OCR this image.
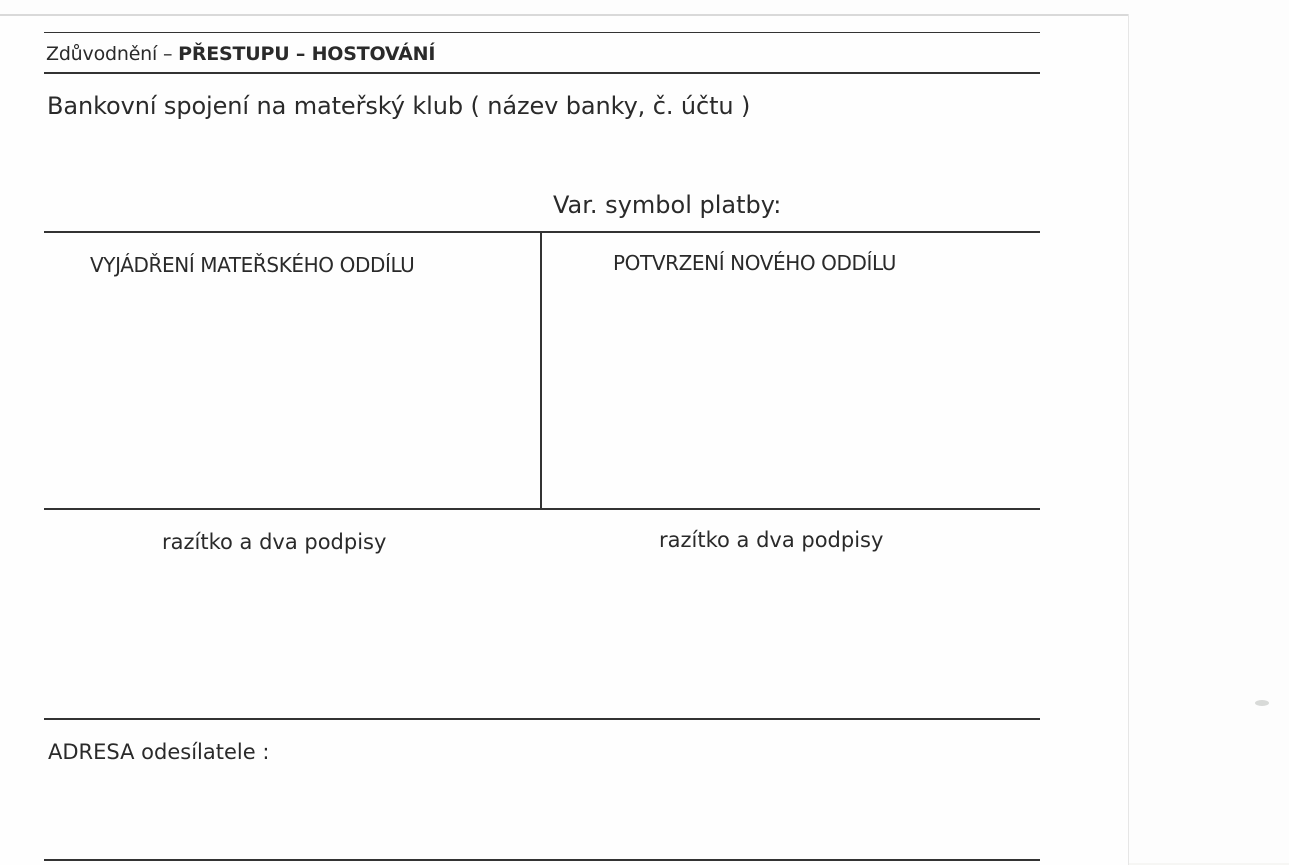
Zdůvodnění – PŘESTUPU – HOSTOVÁNÍ
Bankovní spojení na mateřský klub ( název banky, č. účtu )
Var. symbol platby:
VYJÁDŘENÍ MATEŘSKÉHO ODDÍLU	POTVRZENÍ NOVÉHO ODDÍLU
razítko a dva podpisy	razítko a dva podpisy
ADRESA odesílatele :
